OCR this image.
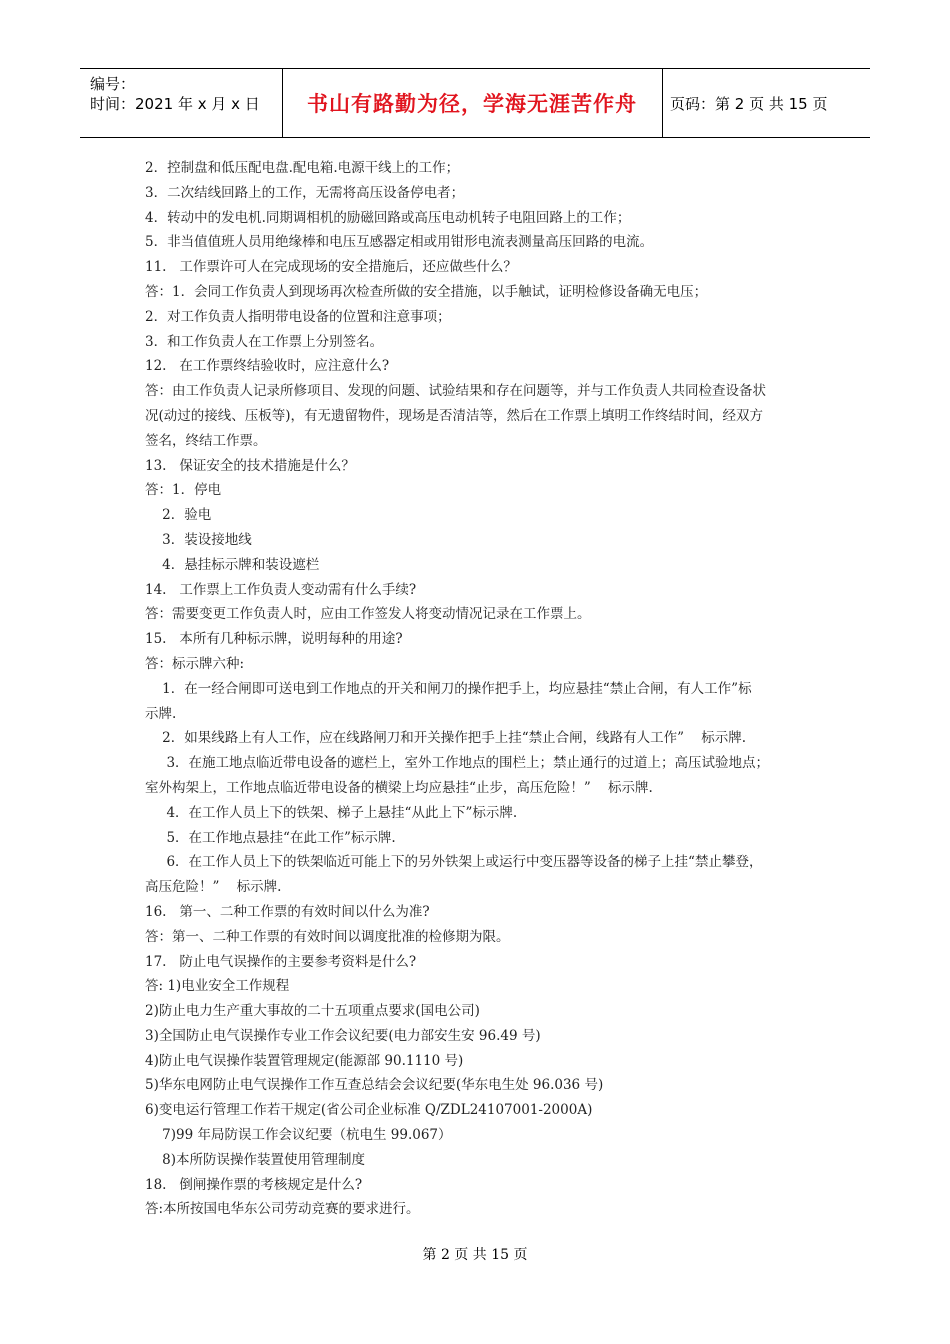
编号：
时间：2021 年 x 月 x 日 书山有路勤为径，学海无涯苦作舟 页码：第 2 页 共 15 页

2．控制盘和低压配电盘.配电箱.电源干线上的工作；

3．二次结线回路上的工作，无需将高压设备停电者；

4．转动中的发电机.同期调相机的励磁回路或高压电动机转子电阻回路上的工作；

5．非当值值班人员用绝缘棒和电压互感器定相或用钳形电流表测量高压回路的电流。

11.   工作票许可人在完成现场的安全措施后，还应做些什么？

答：1．会同工作负责人到现场再次检查所做的安全措施，以手触试，证明检修设备确无电压；

2．对工作负责人指明带电设备的位置和注意事项；

3．和工作负责人在工作票上分别签名。

12.   在工作票终结验收时，应注意什么?

答：由工作负责人记录所修项目、发现的问题、试验结果和存在问题等，并与工作负责人共同检查设备状

况(动过的接线、压板等)，有无遗留物件，现场是否清洁等，然后在工作票上填明工作终结时间，经双方

签名，终结工作票。

13.   保证安全的技术措施是什么？

答：1．停电

2．验电

3．装设接地线

4．悬挂标示牌和装设遮栏

14.   工作票上工作负责人变动需有什么手续?

答：需要变更工作负责人时，应由工作签发人将变动情况记录在工作票上。

15.   本所有几种标示牌，说明每种的用途?

答：标示牌六种:

1．在一经合闸即可送电到工作地点的开关和闸刀的操作把手上，均应悬挂“禁止合闸，有人工作”标

示牌.

2．如果线路上有人工作，应在线路闸刀和开关操作把手上挂“禁止合闸，线路有人工作”    标示牌.

3．在施工地点临近带电设备的遮栏上，室外工作地点的围栏上；禁止通行的过道上；高压试验地点；

室外构架上，工作地点临近带电设备的横梁上均应悬挂“止步，高压危险！”    标示牌.

4．在工作人员上下的铁架、梯子上悬挂“从此上下”标示牌.

5．在工作地点悬挂“在此工作”标示牌.

6．在工作人员上下的铁架临近可能上下的另外铁架上或运行中变压器等设备的梯子上挂“禁止攀登，

高压危险！”    标示牌.

16.   第一、二种工作票的有效时间以什么为准?

答：第一、二种工作票的有效时间以调度批准的检修期为限。

17.   防止电气误操作的主要参考资料是什么?

答: 1)电业安全工作规程

2)防止电力生产重大事故的二十五项重点要求(国电公司)

3)全国防止电气误操作专业工作会议纪要(电力部安生安 96.49 号)

4)防止电气误操作装置管理规定(能源部 90.1110 号)

5)华东电网防止电气误操作工作互查总结会会议纪要(华东电生处 96.036 号)

6)变电运行管理工作若干规定(省公司企业标准 Q/ZDL24107001-2000A)

7)99 年局防误工作会议纪要（杭电生 99.067）

8)本所防误操作装置使用管理制度

18.   倒闸操作票的考核规定是什么?

答:本所按国电华东公司劳动竞赛的要求进行。

第 2 页 共 15 页
